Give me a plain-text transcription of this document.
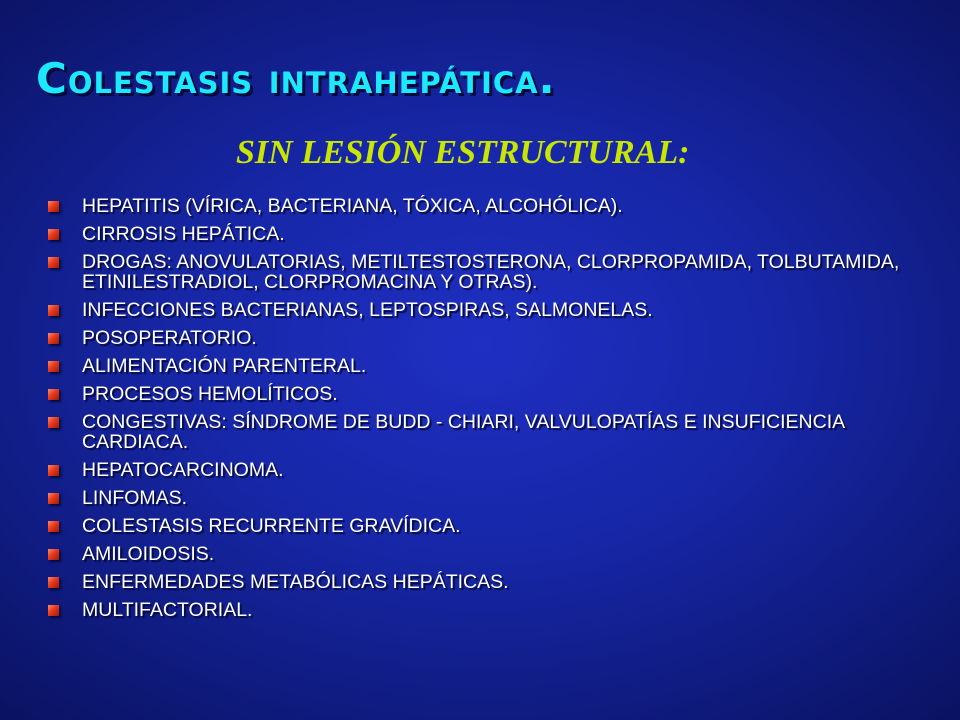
Colestasis intrahepática.
SIN LESIÓN ESTRUCTURAL:
HEPATITIS (VÍRICA, BACTERIANA, TÓXICA, ALCOHÓLICA).
CIRROSIS HEPÁTICA.
DROGAS: ANOVULATORIAS, METILTESTOSTERONA, CLORPROPAMIDA, TOLBUTAMIDA, ETINILESTRADIOL, CLORPROMACINA Y OTRAS).
INFECCIONES BACTERIANAS, LEPTOSPIRAS, SALMONELAS.
POSOPERATORIO.
ALIMENTACIÓN PARENTERAL.
PROCESOS HEMOLÍTICOS.
CONGESTIVAS: SÍNDROME DE BUDD - CHIARI, VALVULOPATÍAS E INSUFICIENCIA CARDIACA.
HEPATOCARCINOMA.
LINFOMAS.
COLESTASIS RECURRENTE GRAVÍDICA.
AMILOIDOSIS.
ENFERMEDADES METABÓLICAS HEPÁTICAS.
MULTIFACTORIAL.
